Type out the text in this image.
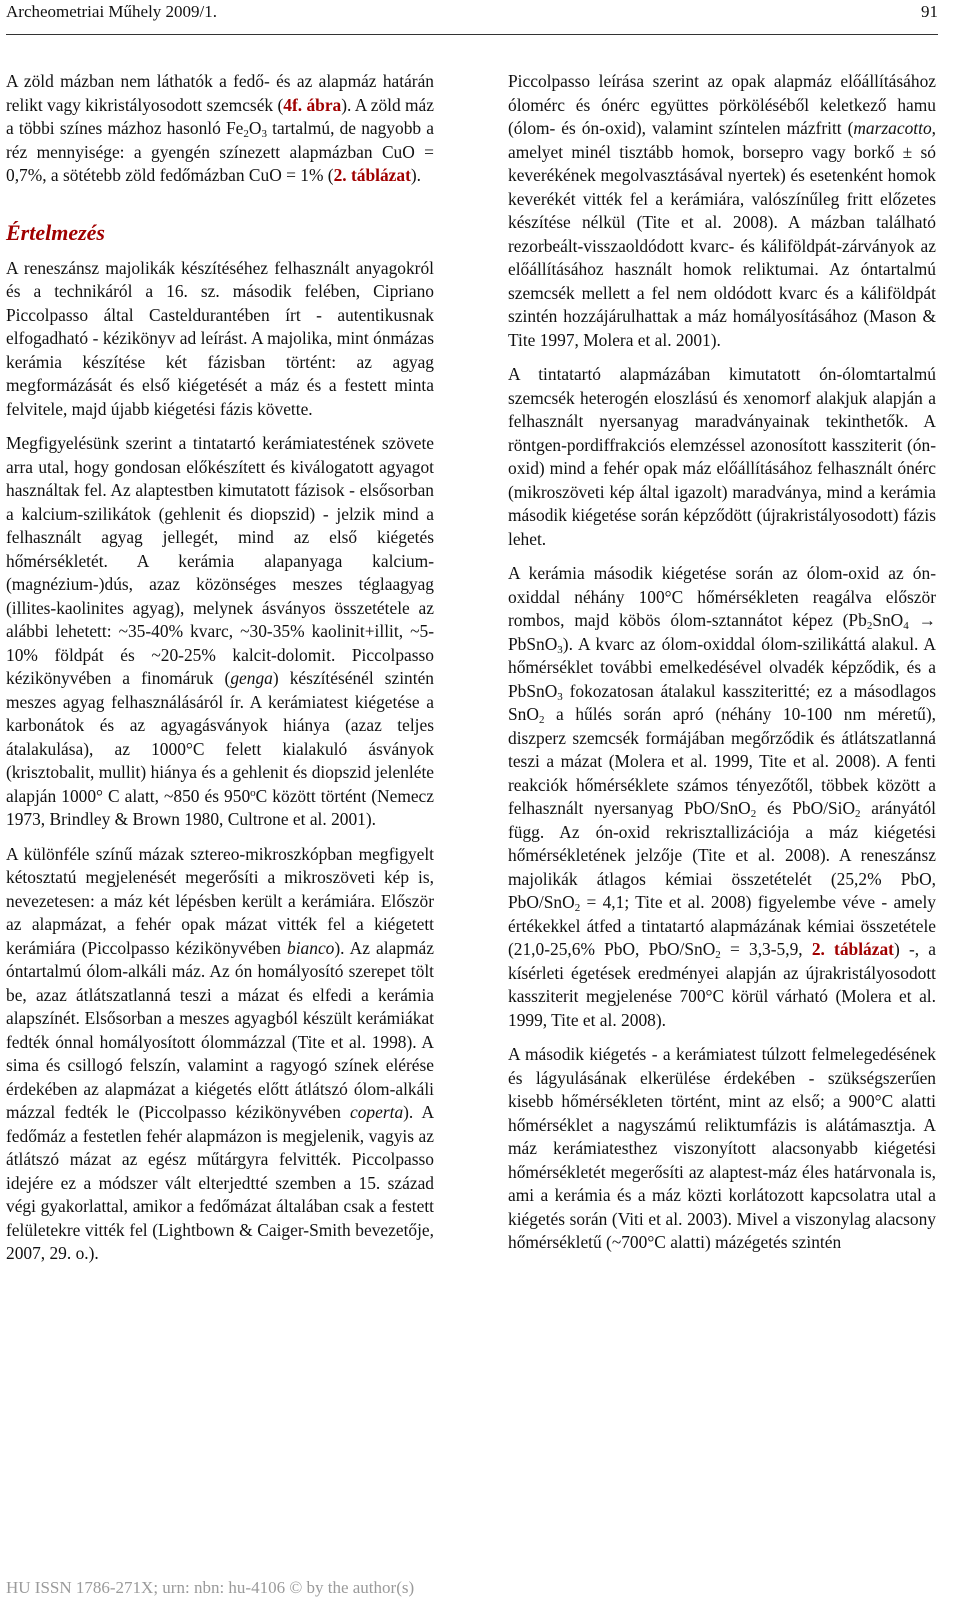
Archeometriai Műhely 2009/1.	91

A zöld mázban nem láthatók a fedő- és az alapmáz határán relikt vagy kikristályosodott szemcsék (4f. ábra). A zöld máz a többi színes mázhoz hasonló $Fe_2O_3$ tartalmú, de nagyobb a réz mennyisége: a gyengén színezett alapmázban CuO = 0,7%, a sötétebb zöld fedőmázban CuO = 1% (2. táblázat).

Értelmezés

A reneszánsz majolikák készítéséhez felhasznált anyagokról és a technikáról a 16. sz. második felében, Cipriano Piccolpasso által Casteldurantében írt - autentikusnak elfogadható - kézikönyv ad leírást. A majolika, mint ónmázas kerámia készítése két fázisban történt: az agyag megformázását és első kiégetését a máz és a festett minta felvitele, majd újabb kiégetési fázis követte.

Megfigyelésünk szerint a tintatartó kerámiatestének szövete arra utal, hogy gondosan előkészített és kiválogatott agyagot használtak fel. Az alaptestben kimutatott fázisok - elsősorban a kalcium-szilikátok (gehlenit és diopszid) - jelzik mind a felhasznált agyag jellegét, mind az első kiégetés hőmérsékletét. A kerámia alapanyaga kalcium-(magnézium-)dús, azaz közönséges meszes téglaagyag (illites-kaolinites agyag), melynek ásványos összetétele az alábbi lehetett: ~35-40% kvarc, ~30-35% kaolinit+illit, ~5-10% földpát és ~20-25% kalcit-dolomit. Piccolpasso kézikönyvében a finomáruk (genga) készítésénél szintén meszes agyag felhasználásáról ír. A kerámiatest kiégetése a karbonátok és az agyagásványok hiánya (azaz teljes átalakulása), az 1000°C felett kialakuló ásványok (krisztobalit, mullit) hiánya és a gehlenit és diopszid jelenléte alapján 1000° C alatt, ~850 és 950$^o$C között történt (Nemecz 1973, Brindley & Brown 1980, Cultrone et al. 2001).

A különféle színű mázak sztereo-mikroszkópban megfigyelt kétosztatú megjelenését megerősíti a mikroszöveti kép is, nevezetesen: a máz két lépésben került a kerámiára. Először az alapmázat, a fehér opak mázat vitték fel a kiégetett kerámiára (Piccolpasso kézikönyvében bianco). Az alapmáz óntartalmú ólom-alkáli máz. Az ón homályosító szerepet tölt be, azaz átlátszatlanná teszi a mázat és elfedi a kerámia alapszínét. Elsősorban a meszes agyagból készült kerámiákat fedték ónnal homályosított ólommázzal (Tite et al. 1998). A sima és csillogó felszín, valamint a ragyogó színek elérése érdekében az alapmázat a kiégetés előtt átlátszó ólom-alkáli mázzal fedték le (Piccolpasso kézikönyvében coperta). A fedőmáz a festetlen fehér alapmázon is megjelenik, vagyis az átlátszó mázat az egész műtárgyra felvitték. Piccolpasso idejére ez a módszer vált elterjedtté szemben a 15. század végi gyakorlattal, amikor a fedőmázat általában csak a festett felületekre vitték fel (Lightbown & Caiger-Smith bevezetője, 2007, 29. o.).

Piccolpasso leírása szerint az opak alapmáz előállításához ólomérc és ónérc együttes pörköléséből keletkező hamu (ólom- és ón-oxid), valamint színtelen mázfritt (marzacotto, amelyet minél tisztább homok, borsepro vagy borkő ± só keverékének megolvasztásával nyertek) és esetenként homok keverékét vitték fel a kerámiára, valószínűleg fritt előzetes készítése nélkül (Tite et al. 2008). A mázban található rezorbeált-visszaoldódott kvarc- és káliföldpát-zárványok az előállításához használt homok reliktumai. Az óntartalmú szemcsék mellett a fel nem oldódott kvarc és a káliföldpát szintén hozzájárulhattak a máz homályosításához (Mason & Tite 1997, Molera et al. 2001).

A tintatartó alapmázában kimutatott ón-ólomtartalmú szemcsék heterogén eloszlású és xenomorf alakjuk alapján a felhasznált nyersanyag maradványainak tekinthetők. A röntgen-pordiffrakciós elemzéssel azonosított kassziterit (ón-oxid) mind a fehér opak máz előállításához felhasznált ónérc (mikroszöveti kép által igazolt) maradványa, mind a kerámia második kiégetése során képződött (újrakristályosodott) fázis lehet.

A kerámia második kiégetése során az ólom-oxid az ón-oxiddal néhány 100°C hőmérsékleten reagálva először rombos, majd köbös ólom-sztannátot képez ($Pb_2SnO_4$ → PbSnO$_3$). A kvarc az ólom-oxiddal ólom-szilikáttá alakul. A hőmérséklet további emelkedésével olvadék képződik, és a PbSnO$_3$ fokozatosan átalakul kassziteritté; ez a másodlagos SnO$_2$ a hűlés során apró (néhány 10-100 nm méretű), diszperz szemcsék formájában megőrződik és átlátszatlanná teszi a mázat (Molera et al. 1999, Tite et al. 2008). A fenti reakciók hőmérséklete számos tényezőtől, többek között a felhasznált nyersanyag PbO/SnO$_2$ és PbO/SiO$_2$ arányától függ. Az ón-oxid rekrisztallizációja a máz kiégetési hőmérsékletének jelzője (Tite et al. 2008). A reneszánsz majolikák átlagos kémiai összetételét (25,2% PbO, PbO/SnO$_2$ = 4,1; Tite et al. 2008) figyelembe véve - amely értékekkel átfed a tintatartó alapmázának kémiai összetétele (21,0-25,6% PbO, PbO/SnO$_2$ = 3,3-5,9, 2. táblázat) -, a kísérleti égetések eredményei alapján az újrakristályosodott kassziterit megjelenése 700°C körül várható (Molera et al. 1999, Tite et al. 2008).

A második kiégetés - a kerámiatest túlzott felmelegedésének és lágyulásának elkerülése érdekében - szükségszerűen kisebb hőmérsékleten történt, mint az első; a 900°C alatti hőmérséklet a nagyszámú reliktumfázis is alátámasztja. A máz kerámiatesthez viszonyított alacsonyabb kiégetési hőmérsékletét megerősíti az alaptest-máz éles határvonala is, ami a kerámia és a máz közti korlátozott kapcsolatra utal a kiégetés során (Viti et al. 2003). Mivel a viszonylag alacsony hőmérsékletű (~700°C alatti) mázégetés szintén

HU ISSN 1786-271X; urn: nbn: hu-4106 © by the author(s)
